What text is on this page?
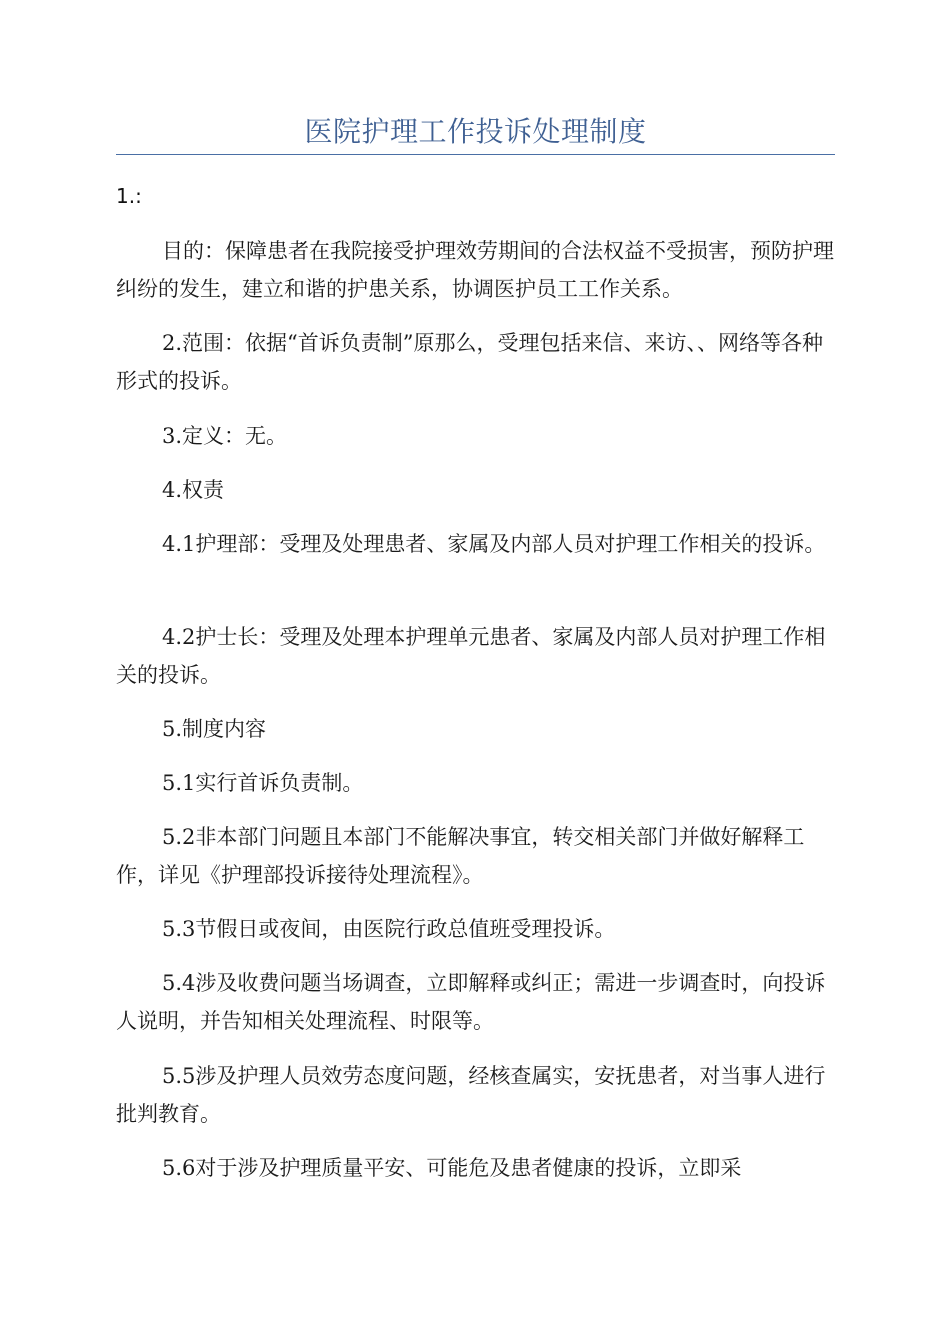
医院护理工作投诉处理制度
1.:

目的：保障患者在我院接受护理效劳期间的合法权益不受损害，预防护理纠纷的发生，建立和谐的护患关系，协调医护员工工作关系。

2.范围：依据“首诉负责制”原那么，受理包括来信、来访、、网络等各种形式的投诉。

3.定义：无。

4.权责

4.1护理部：受理及处理患者、家属及内部人员对护理工作相关的投诉。

4.2护士长：受理及处理本护理单元患者、家属及内部人员对护理工作相关的投诉。

5.制度内容

5.1实行首诉负责制。

5.2非本部门问题且本部门不能解决事宜，转交相关部门并做好解释工作，详见《护理部投诉接待处理流程》。

5.3节假日或夜间，由医院行政总值班受理投诉。

5.4涉及收费问题当场调查，立即解释或纠正；需进一步调查时，向投诉人说明，并告知相关处理流程、时限等。

5.5涉及护理人员效劳态度问题，经核查属实，安抚患者，对当事人进行批判教育。

5.6对于涉及护理质量平安、可能危及患者健康的投诉，立即采
